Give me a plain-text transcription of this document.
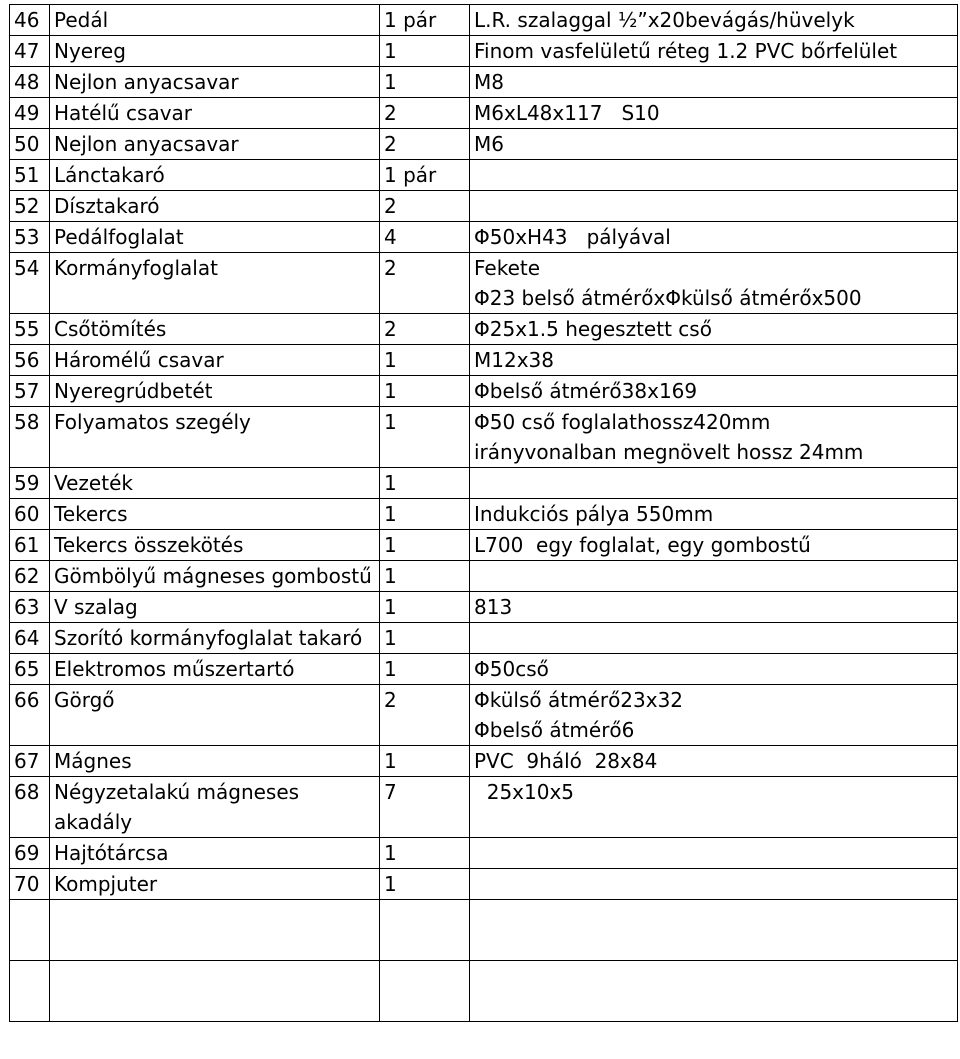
46	Pedál	1 pár	L.R. szalaggal ½”x20bevágás/hüvelyk

47	Nyereg	1	Finom vasfelületű réteg 1.2 PVC bőrfelület

48	Nejlon anyacsavar	1	M8

49	Hatélű csavar	2	M6xL48x117   S10

50	Nejlon anyacsavar	2	M6

51	Lánctakaró	1 pár	

52	Dísztakaró	2	

53	Pedálfoglalat	4	Φ50xH43   pályával

54	Kormányfoglalat	2	Fekete
Φ23 belső átmérőxΦkülső átmérőx500

55	Csőtömítés	2	Φ25x1.5 hegesztett cső

56	Háromélű csavar	1	M12x38

57	Nyeregrúdbetét	1	Φbelső átmérő38x169

58	Folyamatos szegély	1	Φ50 cső foglalathossz420mm
irányvonalban megnövelt hossz 24mm

59	Vezeték	1	

60	Tekercs	1	Indukciós pálya 550mm

61	Tekercs összekötés	1	L700  egy foglalat, egy gombostű

62	Gömbölyű mágneses gombostű	1	

63	V szalag	1	813

64	Szorító kormányfoglalat takaró	1	

65	Elektromos műszertartó	1	Φ50cső

66	Görgő	2	Φkülső átmérő23x32
Φbelső átmérő6

67	Mágnes	1	PVC  9háló  28x84

68	Négyzetalakú mágneses akadály	7	25x10x5

69	Hajtótárcsa	1	

70	Kompjuter	1	
